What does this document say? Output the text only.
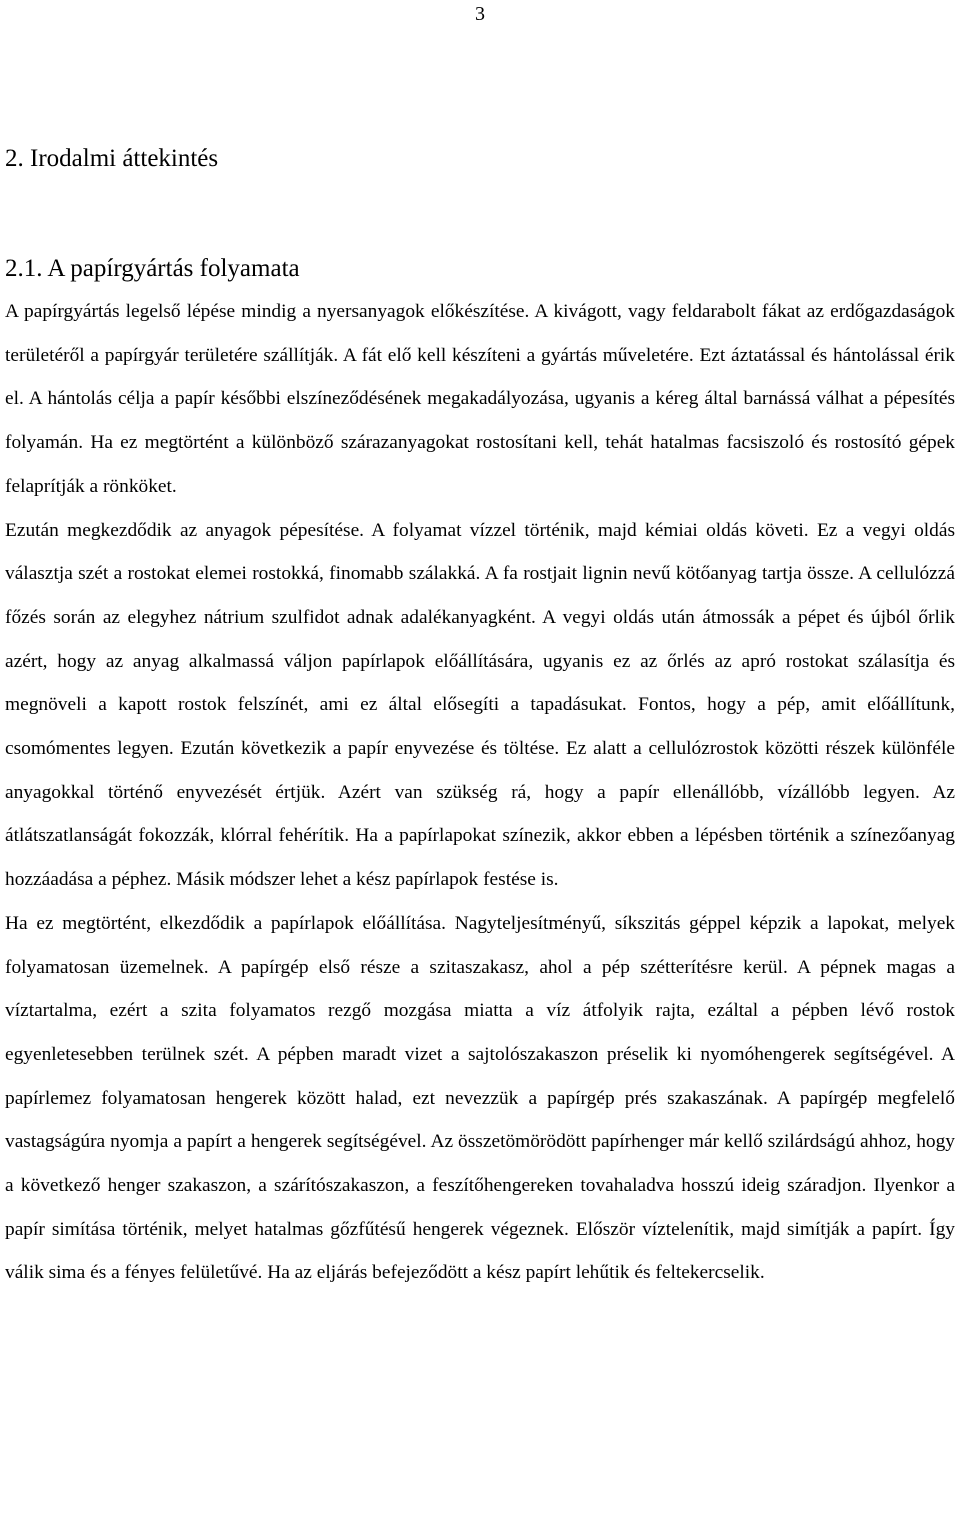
3
2. Irodalmi áttekintés
2.1. A papírgyártás folyamata

A papírgyártás legelső lépése mindig a nyersanyagok előkészítése. A kivágott, vagy feldarabolt fákat az erdőgazdaságok területéről a papírgyár területére szállítják. A fát elő kell készíteni a gyártás műveletére. Ezt áztatással és hántolással érik el. A hántolás célja a papír későbbi elszíneződésének megakadályozása, ugyanis a kéreg által barnássá válhat a pépesítés folyamán. Ha ez megtörtént a különböző szárazanyagokat rostosítani kell, tehát hatalmas facsiszoló és rostosító gépek felaprítják a rönköket.

Ezután megkezdődik az anyagok pépesítése. A folyamat vízzel történik, majd kémiai oldás követi. Ez a vegyi oldás választja szét a rostokat elemei rostokká, finomabb szálakká. A fa rostjait lignin nevű kötőanyag tartja össze. A cellulózzá főzés során az elegyhez nátrium szulfidot adnak adalékanyagként. A vegyi oldás után átmossák a pépet és újból őrlik azért, hogy az anyag alkalmassá váljon papírlapok előállítására, ugyanis ez az őrlés az apró rostokat szálasítja és megnöveli a kapott rostok felszínét, ami ez által elősegíti a tapadásukat. Fontos, hogy a pép, amit előállítunk, csomómentes legyen. Ezután következik a papír enyvezése és töltése. Ez alatt a cellulózrostok közötti részek különféle anyagokkal történő enyvezését értjük. Azért van szükség rá, hogy a papír ellenállóbb, vízállóbb legyen. Az átlátszatlanságát fokozzák, klórral fehérítik. Ha a papírlapokat színezik, akkor ebben a lépésben történik a színezőanyag hozzáadása a péphez. Másik módszer lehet a kész papírlapok festése is.

Ha ez megtörtént, elkezdődik a papírlapok előállítása. Nagyteljesítményű, síkszitás géppel képzik a lapokat, melyek folyamatosan üzemelnek. A papírgép első része a szitaszakasz, ahol a pép szétterítésre kerül. A pépnek magas a víztartalma, ezért a szita folyamatos rezgő mozgása miatta a víz átfolyik rajta, ezáltal a pépben lévő rostok egyenletesebben terülnek szét. A pépben maradt vizet a sajtolószakaszon préselik ki nyomóhengerek segítségével. A papírlemez folyamatosan hengerek között halad, ezt nevezzük a papírgép prés szakaszának. A papírgép megfelelő vastagságúra nyomja a papírt a hengerek segítségével. Az összetömörödött papírhenger már kellő szilárdságú ahhoz, hogy a következő henger szakaszon, a szárítószakaszon, a feszítőhengereken tovahaladva hosszú ideig száradjon. Ilyenkor a papír simítása történik, melyet hatalmas gőzfűtésű hengerek végeznek. Először víztelenítik, majd simítják a papírt. Így válik sima és a fényes felületűvé. Ha az eljárás befejeződött a kész papírt lehűtik és feltekercselik.
